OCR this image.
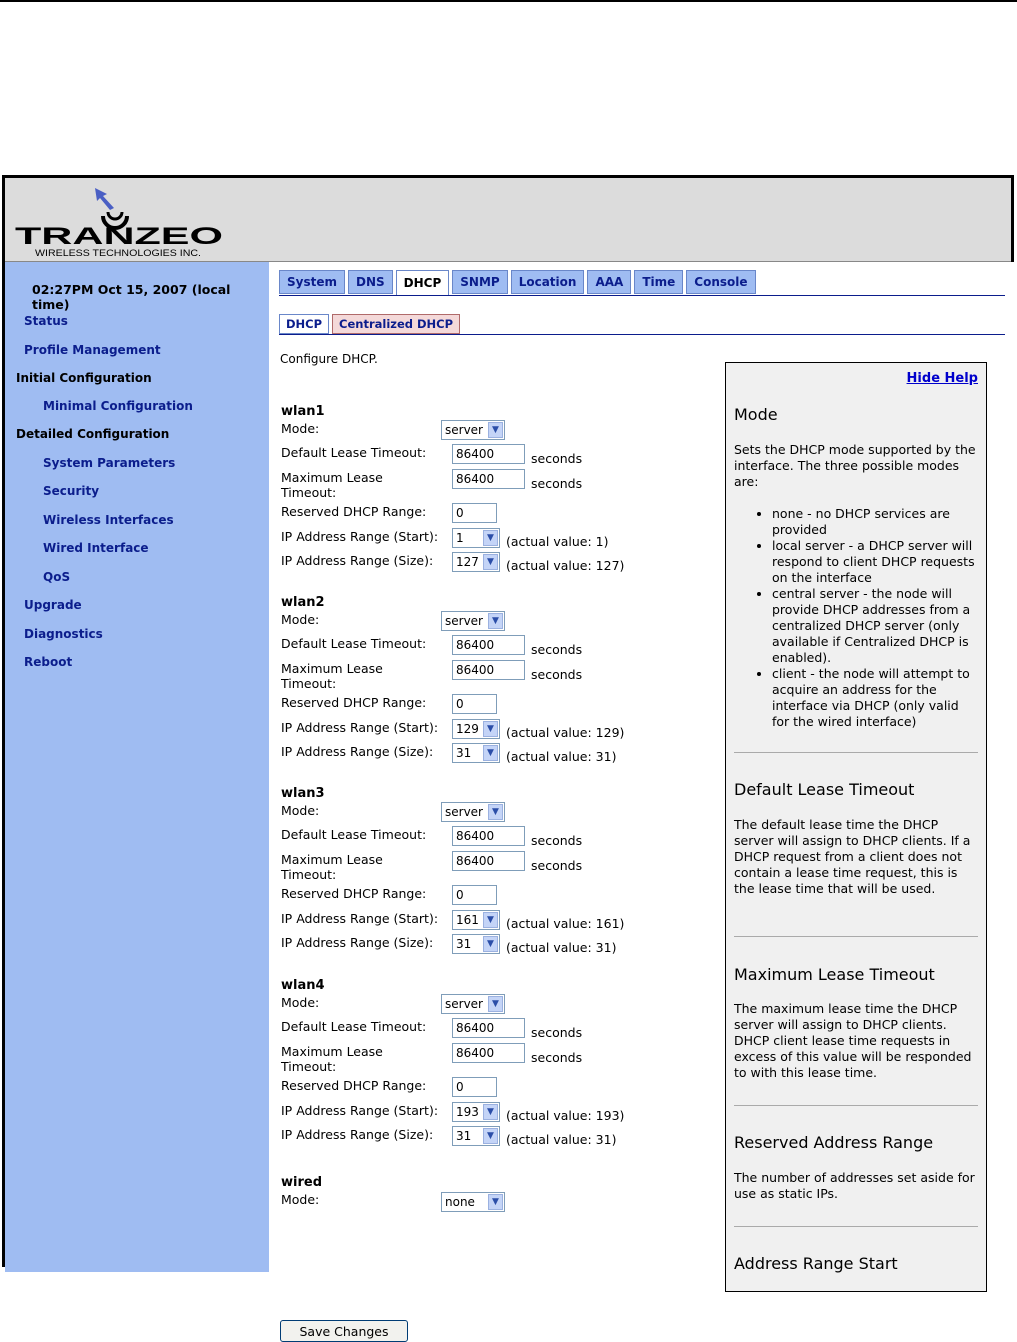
TRANZEO
WIRELESS TECHNOLOGIES INC.
02:27PM Oct 15, 2007 (local time)
Status
Profile Management
Initial Configuration
Minimal Configuration
Detailed Configuration
System Parameters
Security
Wireless Interfaces
Wired Interface
QoS
Upgrade
Diagnostics
Reboot
System	DNS	DHCP	SNMP	Location	AAA	Time	Console
DHCP	Centralized DHCP
Configure DHCP.
wlan1
Mode:	server	▼
Default Lease Timeout:	86400	seconds
Maximum Lease
Timeout:
86400	seconds
Reserved DHCP Range:	0
IP Address Range (Start): 1	▼ (actual value: 1)
IP Address Range (Size): 127 ▼ (actual value: 127)
wlan2
Mode:	server	▼
Default Lease Timeout:	86400	seconds
Maximum Lease
Timeout:
86400	seconds
Reserved DHCP Range:	0
IP Address Range (Start): 129 ▼ (actual value: 129)
IP Address Range (Size): 31	▼ (actual value: 31)
wlan3
Mode:	server	▼
Default Lease Timeout:	86400	seconds
Maximum Lease
Timeout:
86400	seconds
Reserved DHCP Range:	0
IP Address Range (Start): 161 ▼ (actual value: 161)
IP Address Range (Size): 31	▼ (actual value: 31)
wlan4
Mode:	server	▼
Default Lease Timeout:	86400	seconds
Maximum Lease
Timeout:
86400	seconds
Reserved DHCP Range:	0
IP Address Range (Start): 193 ▼ (actual value: 193)
IP Address Range (Size): 31	▼ (actual value: 31)
wired
Mode:	none	▼
Save Changes
Hide Help
Mode

Sets the DHCP mode supported by the interface. The three possible modes are:

• none - no DHCP services are provided
• local server - a DHCP server will respond to client DHCP requests on the interface
• central server - the node will provide DHCP addresses from a centralized DHCP server (only available if Centralized DHCP is enabled).
• client - the node will attempt to acquire an address for the interface via DHCP (only valid for the wired interface)
Default Lease Timeout

The default lease time the DHCP server will assign to DHCP clients. If a DHCP request from a client does not contain a lease time request, this is the lease time that will be used.

Maximum Lease Timeout

The maximum lease time the DHCP server will assign to DHCP clients. DHCP client lease time requests in excess of this value will be responded to with this lease time.

Reserved Address Range

The number of addresses set aside for use as static IPs.

Address Range Start
